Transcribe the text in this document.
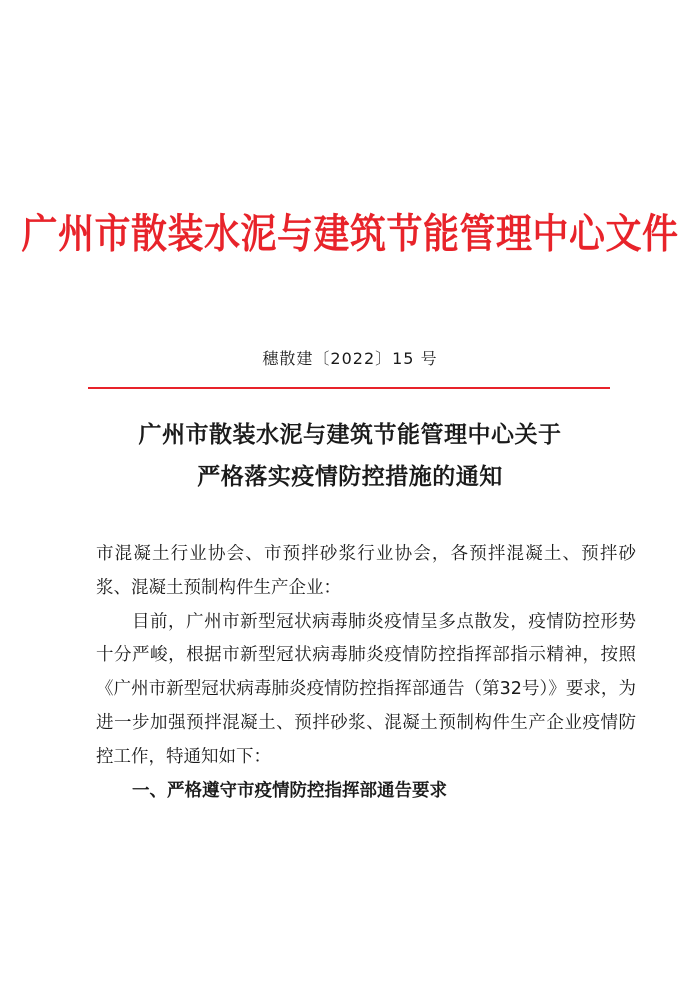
广州市散装水泥与建筑节能管理中心文件
穗散建〔2022〕15 号
广州市散装水泥与建筑节能管理中心关于
严格落实疫情防控措施的通知

市混凝土行业协会、市预拌砂浆行业协会，各预拌混凝土、预拌砂浆、混凝土预制构件生产企业：

目前，广州市新型冠状病毒肺炎疫情呈多点散发，疫情防控形势十分严峻，根据市新型冠状病毒肺炎疫情防控指挥部指示精神，按照《广州市新型冠状病毒肺炎疫情防控指挥部通告（第32号）》要求，为进一步加强预拌混凝土、预拌砂浆、混凝土预制构件生产企业疫情防控工作，特通知如下：

一、严格遵守市疫情防控指挥部通告要求
